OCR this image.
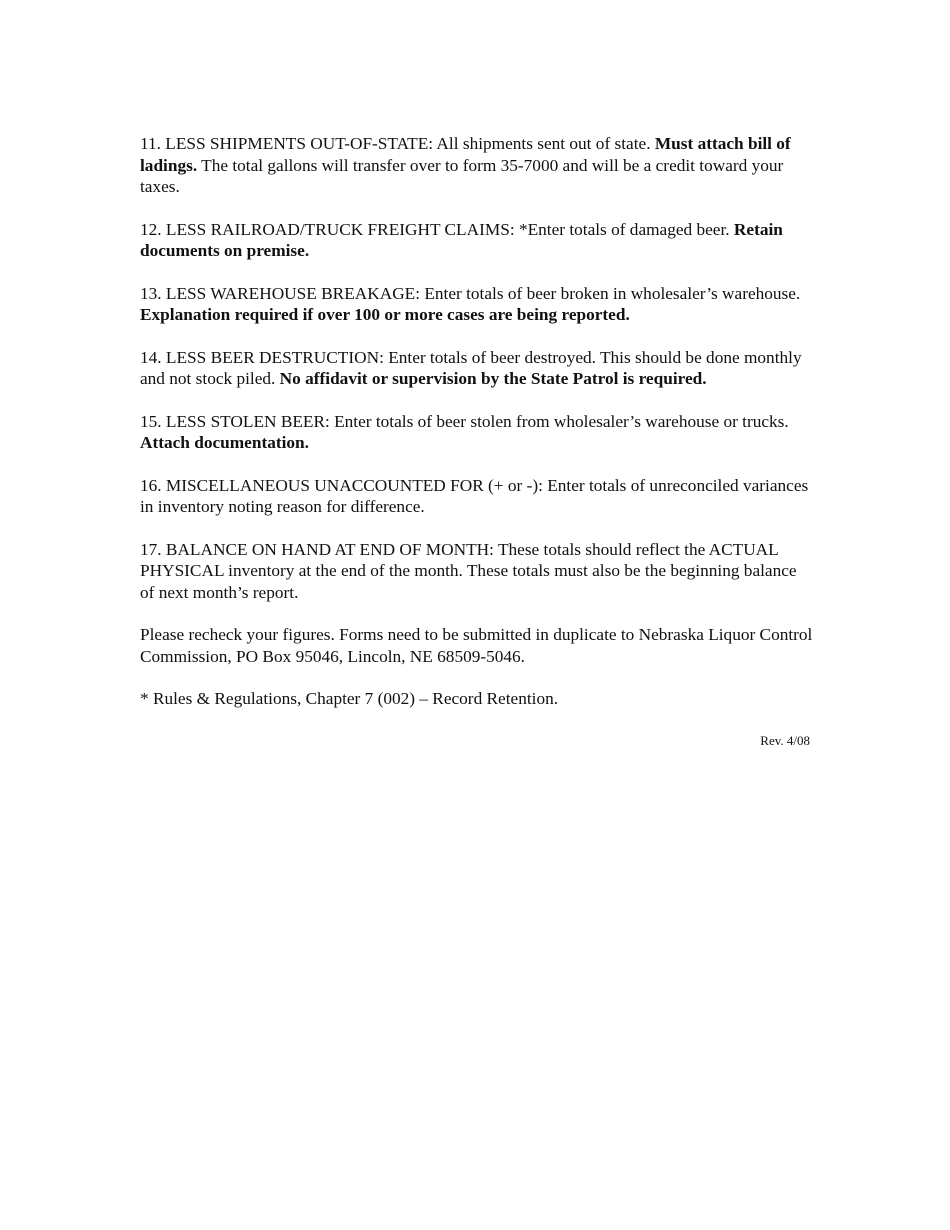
11. LESS SHIPMENTS OUT-OF-STATE: All shipments sent out of state. Must attach bill of ladings. The total gallons will transfer over to form 35-7000 and will be a credit toward your taxes.

12. LESS RAILROAD/TRUCK FREIGHT CLAIMS: *Enter totals of damaged beer. Retain documents on premise.

13. LESS WAREHOUSE BREAKAGE: Enter totals of beer broken in wholesaler’s warehouse. Explanation required if over 100 or more cases are being reported.

14. LESS BEER DESTRUCTION: Enter totals of beer destroyed. This should be done monthly and not stock piled. No affidavit or supervision by the State Patrol is required.

15. LESS STOLEN BEER: Enter totals of beer stolen from wholesaler’s warehouse or trucks. Attach documentation.

16. MISCELLANEOUS UNACCOUNTED FOR (+ or -): Enter totals of unreconciled variances in inventory noting reason for difference.

17. BALANCE ON HAND AT END OF MONTH: These totals should reflect the ACTUAL PHYSICAL inventory at the end of the month. These totals must also be the beginning balance of next month’s report.

Please recheck your figures. Forms need to be submitted in duplicate to Nebraska Liquor Control Commission, PO Box 95046, Lincoln, NE 68509-5046.

* Rules & Regulations, Chapter 7 (002) – Record Retention.

Rev. 4/08
